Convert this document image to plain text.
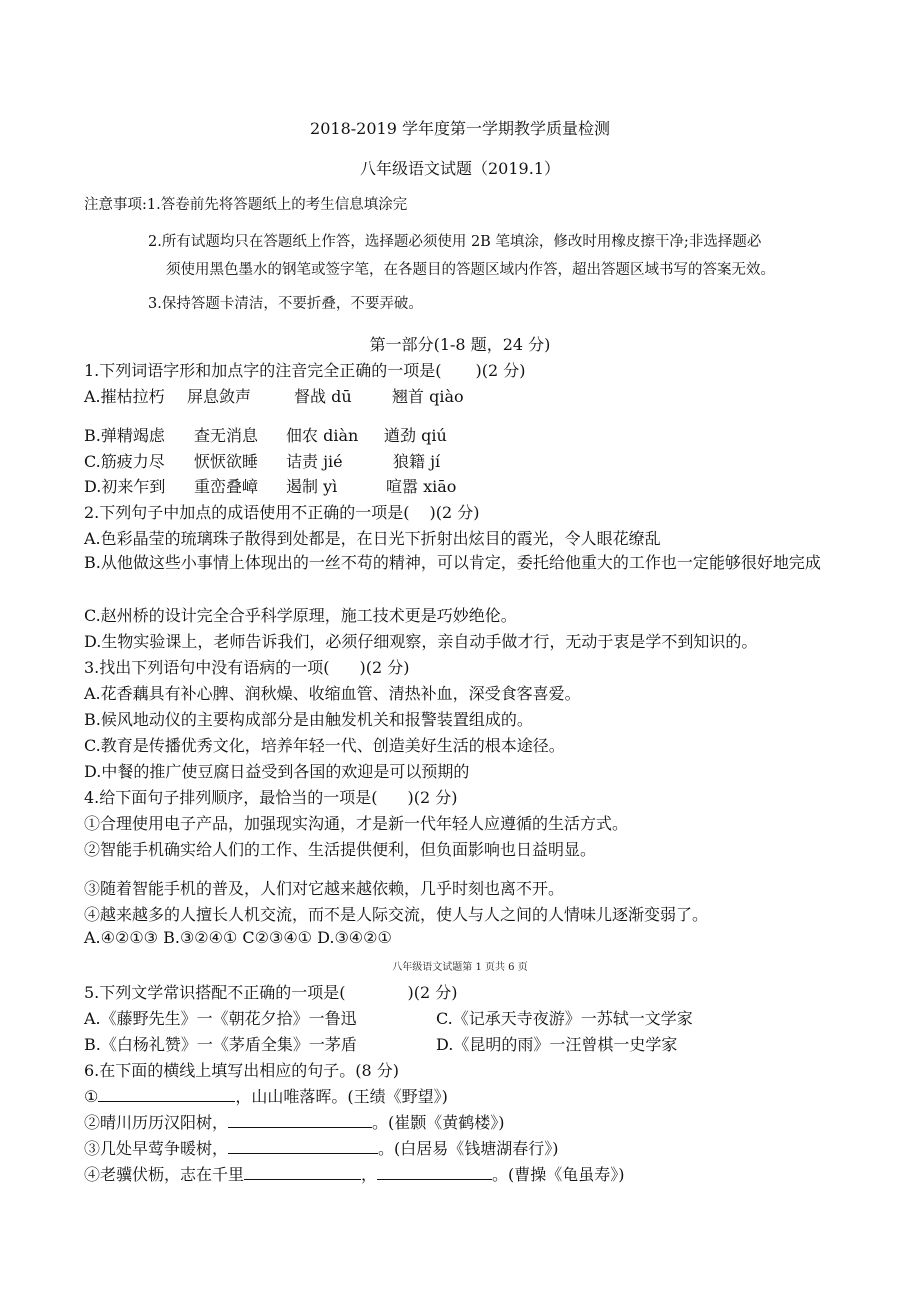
2018-2019 学年度第一学期教学质量检测
八年级语文试题（2019.1）
注意事项:1.答卷前先将答题纸上的考生信息填涂完
2.所有试题均只在答题纸上作答，选择题必须使用 2B 笔填涂，修改时用橡皮擦干净;非选择题必
须使用黑色墨水的钢笔或签字笔，在各题目的答题区域内作答，超出答题区域书写的答案无效。
3.保持答题卡清洁，不要折叠，不要弄破。
第一部分(1-8 题，24 分)
1.下列词语字形和加点字的注音完全正确的一项是( )(2 分)
A.摧枯拉朽 屏息敛声	督战 dū	翘首 qiào
B.弹精竭虑 查无消息 佃农 diàn 遒劲 qiú
C.筋疲力尽 恹恹欲睡 诘责 jié	狼籍 jí
D.初来乍到 重峦叠嶂 遏制 yì	喧嚣 xiāo
2.下列句子中加点的成语使用不正确的一项是( )(2 分)
A.色彩晶莹的琉璃珠子散得到处都是，在日光下折射出炫目的霞光，令人眼花缭乱
B.从他做这些小事情上体现出的一丝不苟的精神，可以肯定，委托给他重大的工作也一定能够很好地完成
C.赵州桥的设计完全合乎科学原理，施工技术更是巧妙绝伦。
D.生物实验课上，老师告诉我们，必须仔细观察，亲自动手做才行，无动于衷是学不到知识的。
3.找出下列语句中没有语病的一项( )(2 分)
A.花香藕具有补心脾、润秋燥、收缩血管、清热补血，深受食客喜爱。
B.候风地动仪的主要构成部分是由触发机关和报警装置组成的。
C.教育是传播优秀文化，培养年轻一代、创造美好生活的根本途径。
D.中餐的推广使豆腐日益受到各国的欢迎是可以预期的
4.给下面句子排列顺序，最恰当的一项是( )(2 分)
①合理使用电子产品，加强现实沟通，才是新一代年轻人应遵循的生活方式。
②智能手机确实给人们的工作、生活提供便利，但负面影响也日益明显。
③随着智能手机的普及，人们对它越来越依赖，几乎时刻也离不开。
④越来越多的人擅长人机交流，而不是人际交流，使人与人之间的人情味儿逐渐变弱了。
A.④②①③ B.③②④① C②③④① D.③④②①
八年级语文试题第 1 页共 6 页
5.下列文学常识搭配不正确的一项是(	)(2 分)
A.《藤野先生》一《朝花夕拾》一鲁迅	C.《记承天寺夜游》一苏轼一文学家
B.《白杨礼赞》一《茅盾全集》一茅盾	D.《昆明的雨》一汪曾棋一史学家
6.在下面的横线上填写出相应的句子。(8 分)
①	，山山唯落晖。(王绩《野望》)
②晴川历历汉阳树，	。(崔颢《黄鹤楼》)
③几处早莺争暖树，	。(白居易《钱塘湖春行》)
④老骥伏枥，志在千里	，	。(曹操《龟虽寿》)
